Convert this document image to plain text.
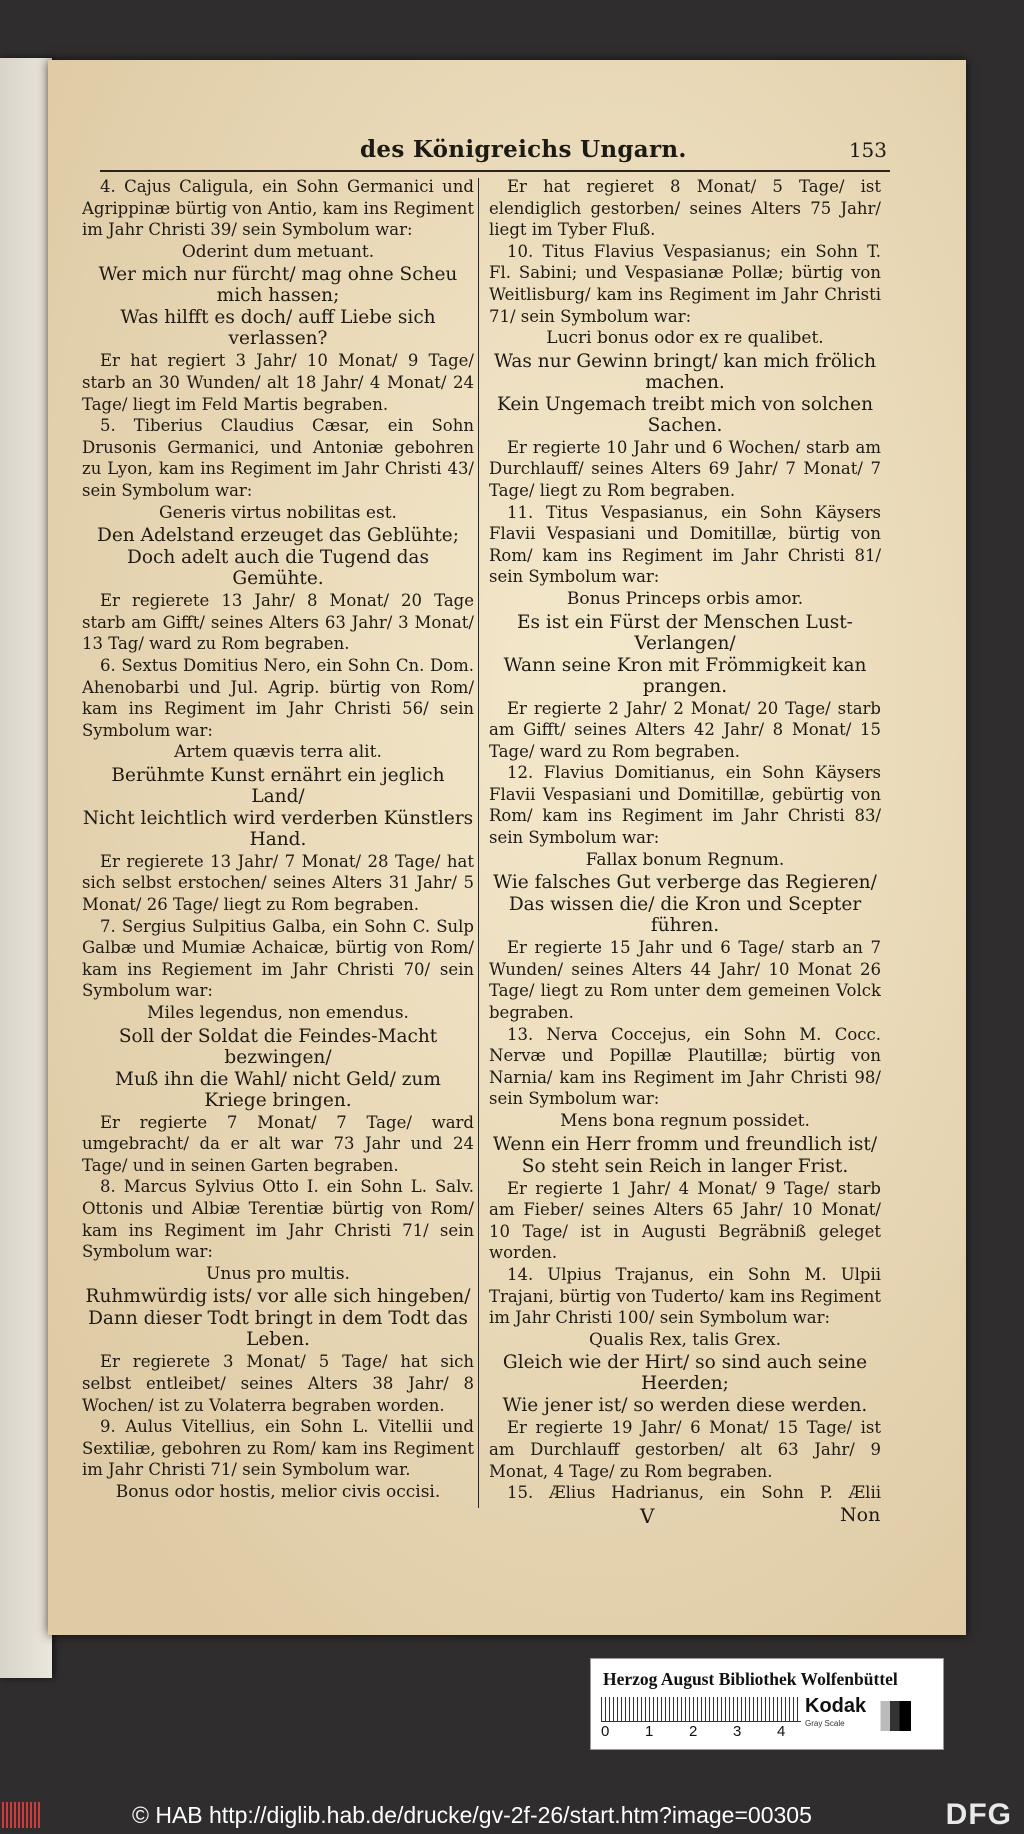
des Königreichs Ungarn.	153

4. Cajus Caligula, ein Sohn Germanici und Agrippinæ bürtig von Antio, kam ins Regiment im Jahr Christi 39/ sein Symbolum war:

Oderint dum metuant.

Wer mich nur fürcht/ mag ohne Scheu mich hassen;

Was hilfft es doch/ auff Liebe sich verlassen?

Er hat regiert 3 Jahr/ 10 Monat/ 9 Tage/ starb an 30 Wunden/ alt 18 Jahr/ 4 Monat/ 24 Tage/ liegt im Feld Martis begraben.

5. Tiberius Claudius Cæsar, ein Sohn Drusonis Germanici, und Antoniæ gebohren zu Lyon, kam ins Regiment im Jahr Christi 43/ sein Symbolum war:

Generis virtus nobilitas est.

Den Adelstand erzeuget das Geblühte;

Doch adelt auch die Tugend das Gemühte.

Er regierete 13 Jahr/ 8 Monat/ 20 Tage starb am Gifft/ seines Alters 63 Jahr/ 3 Monat/ 13 Tag/ ward zu Rom begraben.

6. Sextus Domitius Nero, ein Sohn Cn. Dom. Ahenobarbi und Jul. Agrip. bürtig von Rom/ kam ins Regiment im Jahr Christi 56/ sein Symbolum war:

Artem quævis terra alit.

Berühmte Kunst ernährt ein jeglich Land/

Nicht leichtlich wird verderben Künstlers Hand.

Er regierete 13 Jahr/ 7 Monat/ 28 Tage/ hat sich selbst erstochen/ seines Alters 31 Jahr/ 5 Monat/ 26 Tage/ liegt zu Rom begraben.

7. Sergius Sulpitius Galba, ein Sohn C. Sulp Galbæ und Mumiæ Achaicæ, bürtig von Rom/ kam ins Regiement im Jahr Christi 70/ sein Symbolum war:

Miles legendus, non emendus.

Soll der Soldat die Feindes-Macht bezwingen/

Muß ihn die Wahl/ nicht Geld/ zum Kriege bringen.

Er regierte 7 Monat/ 7 Tage/ ward umgebracht/ da er alt war 73 Jahr und 24 Tage/ und in seinen Garten begraben.

8. Marcus Sylvius Otto I. ein Sohn L. Salv. Ottonis und Albiæ Terentiæ bürtig von Rom/ kam ins Regiment im Jahr Christi 71/ sein Symbolum war:

Unus pro multis.

Ruhmwürdig ists/ vor alle sich hingeben/

Dann dieser Todt bringt in dem Todt das Leben.

Er regierete 3 Monat/ 5 Tage/ hat sich selbst entleibet/ seines Alters 38 Jahr/ 8 Wochen/ ist zu Volaterra begraben worden.

9. Aulus Vitellius, ein Sohn L. Vitellii und Sextiliæ, gebohren zu Rom/ kam ins Regiment im Jahr Christi 71/ sein Symbolum war.

Bonus odor hostis, melior civis occisi.

Er hat regieret 8 Monat/ 5 Tage/ ist elendiglich gestorben/ seines Alters 75 Jahr/ liegt im Tyber Fluß.

10. Titus Flavius Vespasianus; ein Sohn T. Fl. Sabini; und Vespasianæ Pollæ; bürtig von Weitlisburg/ kam ins Regiment im Jahr Christi 71/ sein Symbolum war:

Lucri bonus odor ex re qualibet.

Was nur Gewinn bringt/ kan mich frölich machen.

Kein Ungemach treibt mich von solchen Sachen.

Er regierte 10 Jahr und 6 Wochen/ starb am Durchlauff/ seines Alters 69 Jahr/ 7 Monat/ 7 Tage/ liegt zu Rom begraben.

11. Titus Vespasianus, ein Sohn Käysers Flavii Vespasiani und Domitillæ, bürtig von Rom/ kam ins Regiment im Jahr Christi 81/ sein Symbolum war:

Bonus Princeps orbis amor.

Es ist ein Fürst der Menschen Lust-Verlangen/

Wann seine Kron mit Frömmigkeit kan prangen.

Er regierte 2 Jahr/ 2 Monat/ 20 Tage/ starb am Gifft/ seines Alters 42 Jahr/ 8 Monat/ 15 Tage/ ward zu Rom begraben.

12. Flavius Domitianus, ein Sohn Käysers Flavii Vespasiani und Domitillæ, gebürtig von Rom/ kam ins Regiment im Jahr Christi 83/ sein Symbolum war:

Fallax bonum Regnum.

Wie falsches Gut verberge das Regieren/

Das wissen die/ die Kron und Scepter führen.

Er regierte 15 Jahr und 6 Tage/ starb an 7 Wunden/ seines Alters 44 Jahr/ 10 Monat 26 Tage/ liegt zu Rom unter dem gemeinen Volck begraben.

13. Nerva Coccejus, ein Sohn M. Cocc. Nervæ und Popillæ Plautillæ; bürtig von Narnia/ kam ins Regiment im Jahr Christi 98/ sein Symbolum war:

Mens bona regnum possidet.

Wenn ein Herr fromm und freundlich ist/

So steht sein Reich in langer Frist.

Er regierte 1 Jahr/ 4 Monat/ 9 Tage/ starb am Fieber/ seines Alters 65 Jahr/ 10 Monat/ 10 Tage/ ist in Augusti Begräbniß geleget worden.

14. Ulpius Trajanus, ein Sohn M. Ulpii Trajani, bürtig von Tuderto/ kam ins Regiment im Jahr Christi 100/ sein Symbolum war:

Qualis Rex, talis Grex.

Gleich wie der Hirt/ so sind auch seine Heerden;

Wie jener ist/ so werden diese werden.

Er regierte 19 Jahr/ 6 Monat/ 15 Tage/ ist am Durchlauff gestorben/ alt 63 Jahr/ 9 Monat, 4 Tage/ zu Rom begraben.

15. Ælius Hadrianus, ein Sohn P. Ælii

V	Non
Herzog August Bibliothek Wolfenbüttel
0 1 2 3 4
Kodak
Gray Scale
© HAB http://diglib.hab.de/drucke/gv-2f-26/start.htm?image=00305	DFG
